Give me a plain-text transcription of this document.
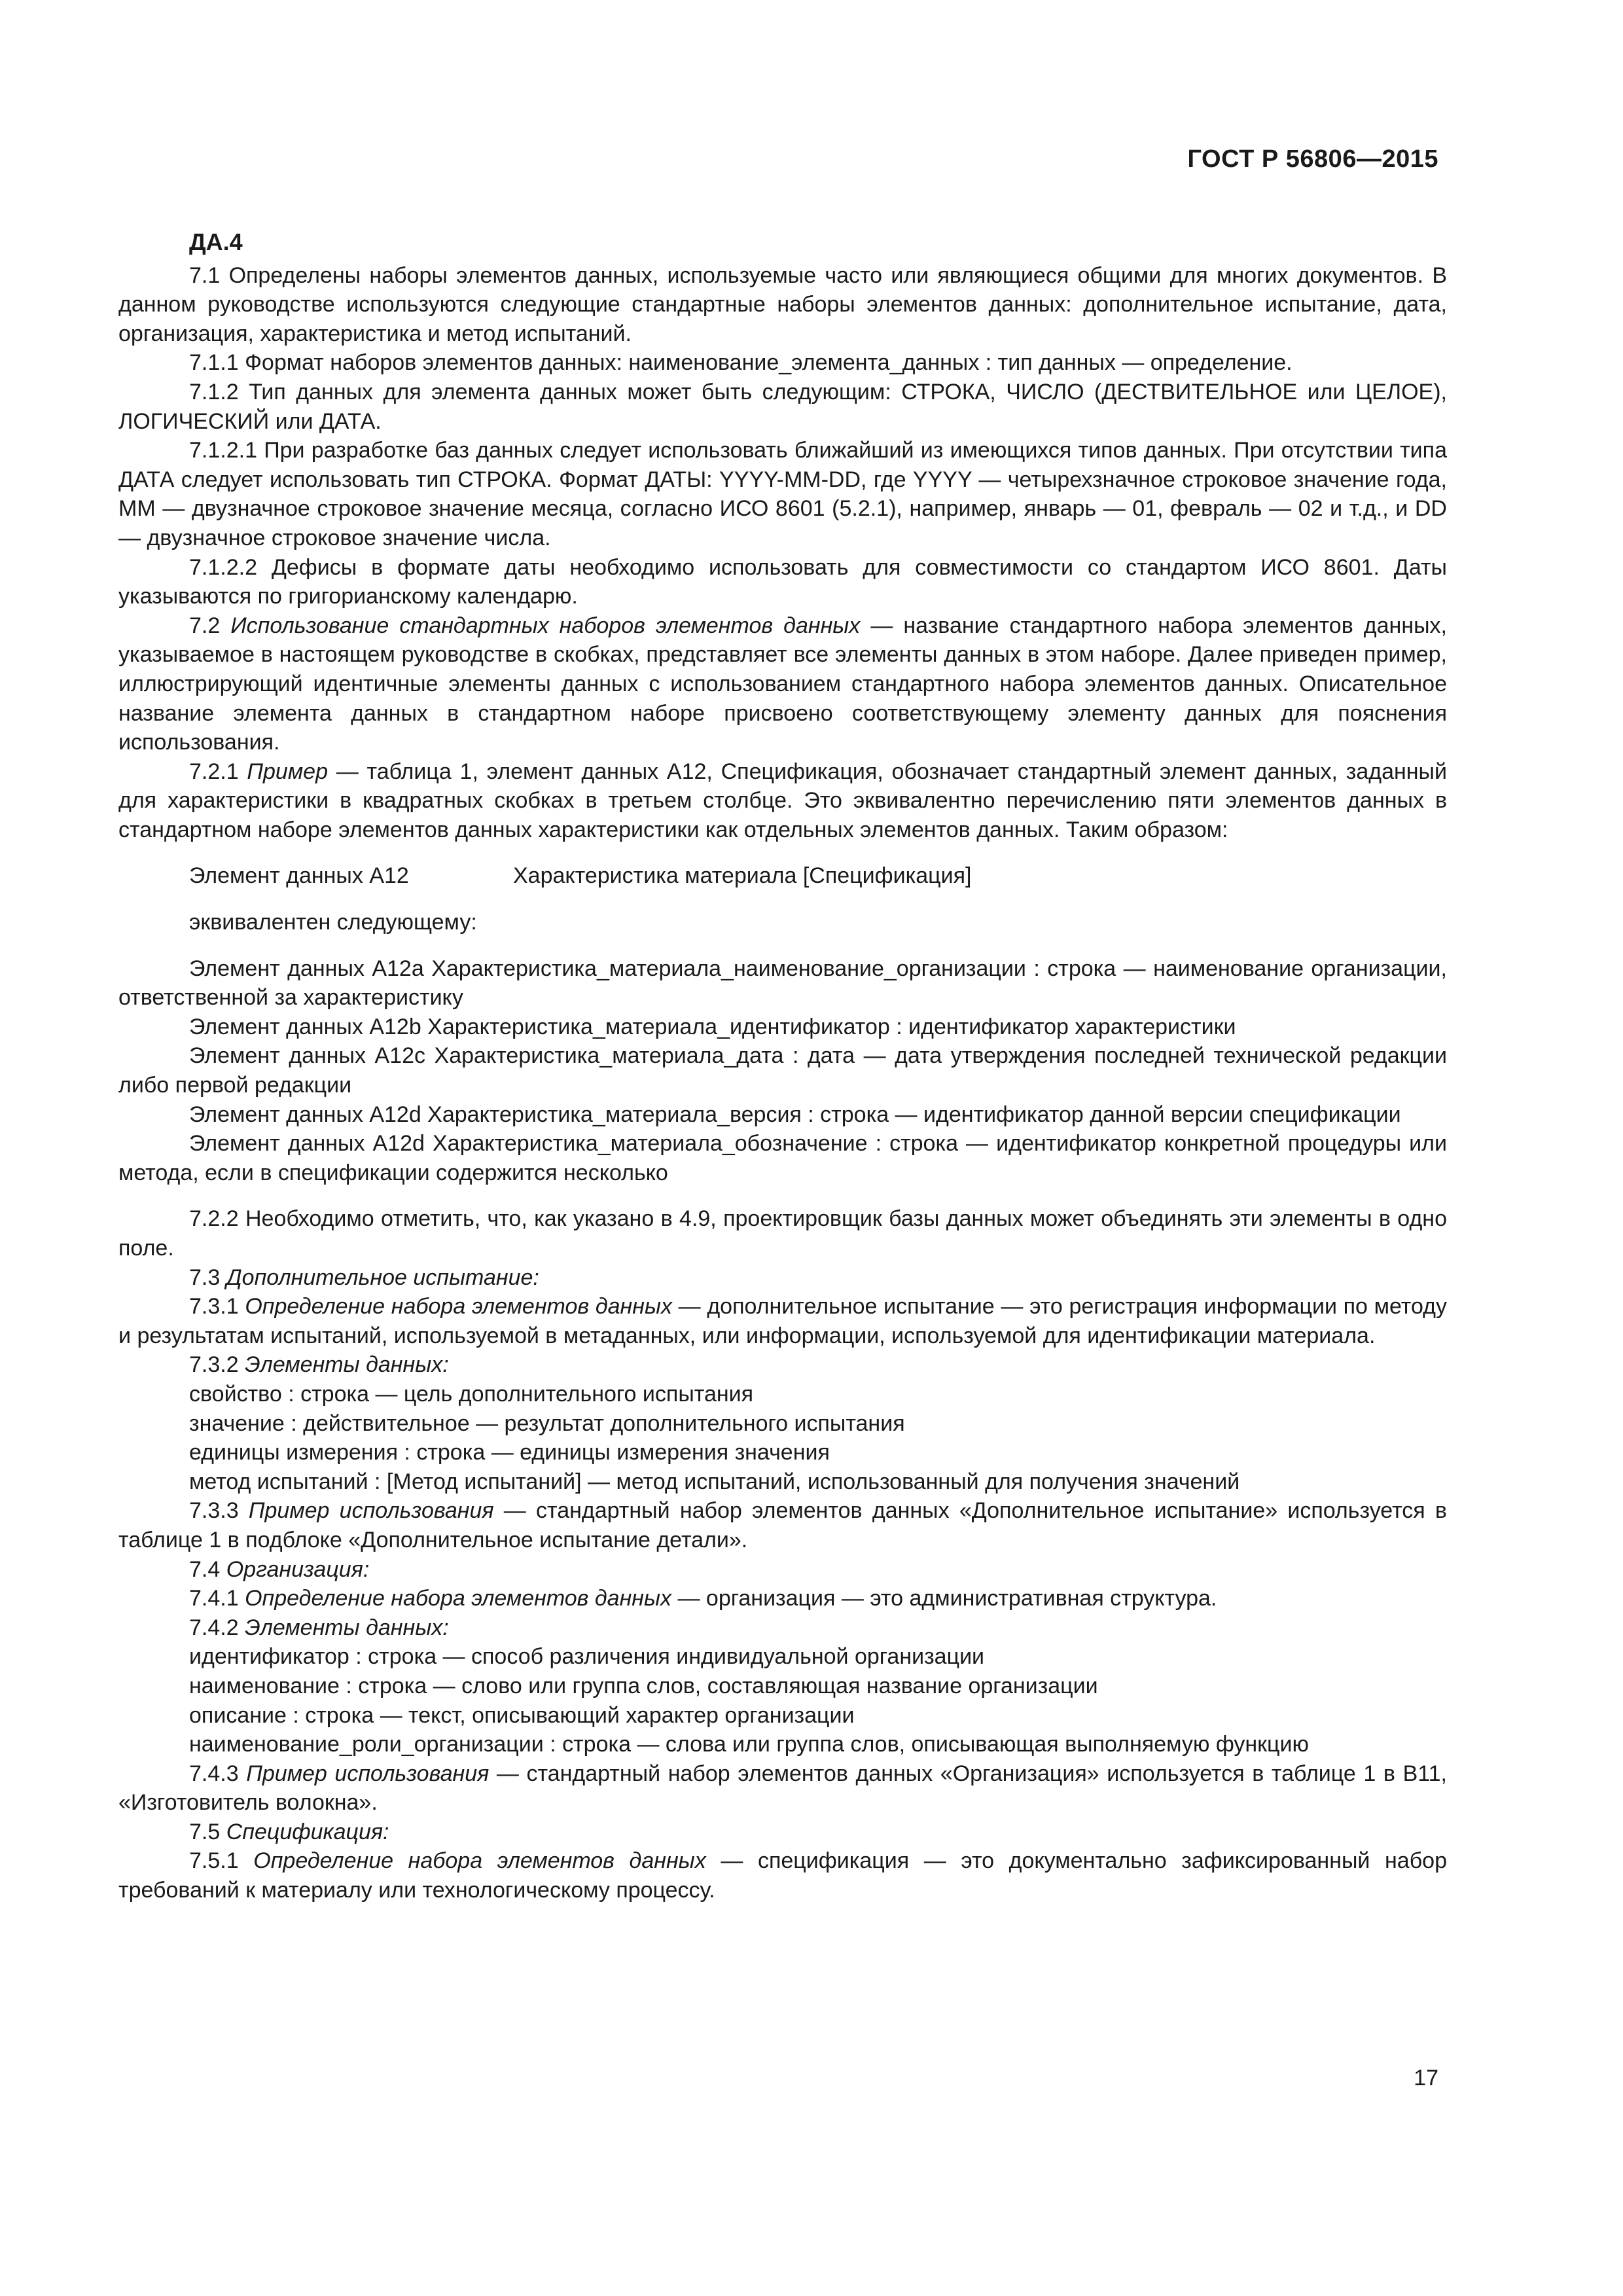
ГОСТ Р 56806—2015

ДА.4

7.1 Определены наборы элементов данных, используемые часто или являющиеся общими для многих документов. В данном руководстве используются следующие стандартные наборы элементов данных: дополнительное испытание, дата, организация, характеристика и метод испытаний.

7.1.1 Формат наборов элементов данных: наименование_элемента_данных : тип данных — определение.

7.1.2 Тип данных для элемента данных может быть следующим: СТРОКА, ЧИСЛО (ДЕСТВИТЕЛЬНОЕ или ЦЕЛОЕ), ЛОГИЧЕСКИЙ или ДАТА.

7.1.2.1 При разработке баз данных следует использовать ближайший из имеющихся типов данных. При отсутствии типа ДАТА следует использовать тип СТРОКА. Формат ДАТЫ: YYYY-MM-DD, где YYYY — четырехзначное строковое значение года, MM — двузначное строковое значение месяца, согласно ИСО 8601 (5.2.1), например, январь — 01, февраль — 02 и т.д., и DD — двузначное строковое значение числа.

7.1.2.2 Дефисы в формате даты необходимо использовать для совместимости со стандартом ИСО 8601. Даты указываются по григорианскому календарю.

7.2 Использование стандартных наборов элементов данных — название стандартного набора элементов данных, указываемое в настоящем руководстве в скобках, представляет все элементы данных в этом наборе. Далее приведен пример, иллюстрирующий идентичные элементы данных с использованием стандартного набора элементов данных. Описательное название элемента данных в стандартном наборе присвоено соответствующему элементу данных для пояснения использования.

7.2.1 Пример — таблица 1, элемент данных A12, Спецификация, обозначает стандартный элемент данных, заданный для характеристики в квадратных скобках в третьем столбце. Это эквивалентно перечислению пяти элементов данных в стандартном наборе элементов данных характеристики как отдельных элементов данных. Таким образом:

Элемент данных A12	Характеристика материала [Спецификация]

эквивалентен следующему:

Элемент данных A12a Характеристика_материала_наименование_организации : строка — наименование организации, ответственной за характеристику

Элемент данных A12b Характеристика_материала_идентификатор : идентификатор характеристики

Элемент данных A12c Характеристика_материала_дата : дата — дата утверждения последней технической редакции либо первой редакции

Элемент данных A12d Характеристика_материала_версия : строка — идентификатор данной версии спецификации

Элемент данных A12d Характеристика_материала_обозначение : строка — идентификатор конкретной процедуры или метода, если в спецификации содержится несколько

7.2.2 Необходимо отметить, что, как указано в 4.9, проектировщик базы данных может объединять эти элементы в одно поле.

7.3 Дополнительное испытание:

7.3.1 Определение набора элементов данных — дополнительное испытание — это регистрация информации по методу и результатам испытаний, используемой в метаданных, или информации, используемой для идентификации материала.

7.3.2 Элементы данных:

свойство : строка — цель дополнительного испытания

значение : действительное — результат дополнительного испытания

единицы измерения : строка — единицы измерения значения

метод испытаний : [Метод испытаний] — метод испытаний, использованный для получения значений

7.3.3 Пример использования — стандартный набор элементов данных «Дополнительное испытание» используется в таблице 1 в подблоке «Дополнительное испытание детали».

7.4 Организация:

7.4.1 Определение набора элементов данных — организация — это административная структура.

7.4.2 Элементы данных:

идентификатор : строка — способ различения индивидуальной организации

наименование : строка — слово или группа слов, составляющая название организации

описание : строка — текст, описывающий характер организации

наименование_роли_организации : строка — слова или группа слов, описывающая выполняемую функцию

7.4.3 Пример использования — стандартный набор элементов данных «Организация» используется в таблице 1 в B11, «Изготовитель волокна».

7.5 Спецификация:

7.5.1 Определение набора элементов данных — спецификация — это документально зафиксированный набор требований к материалу или технологическому процессу.

17
